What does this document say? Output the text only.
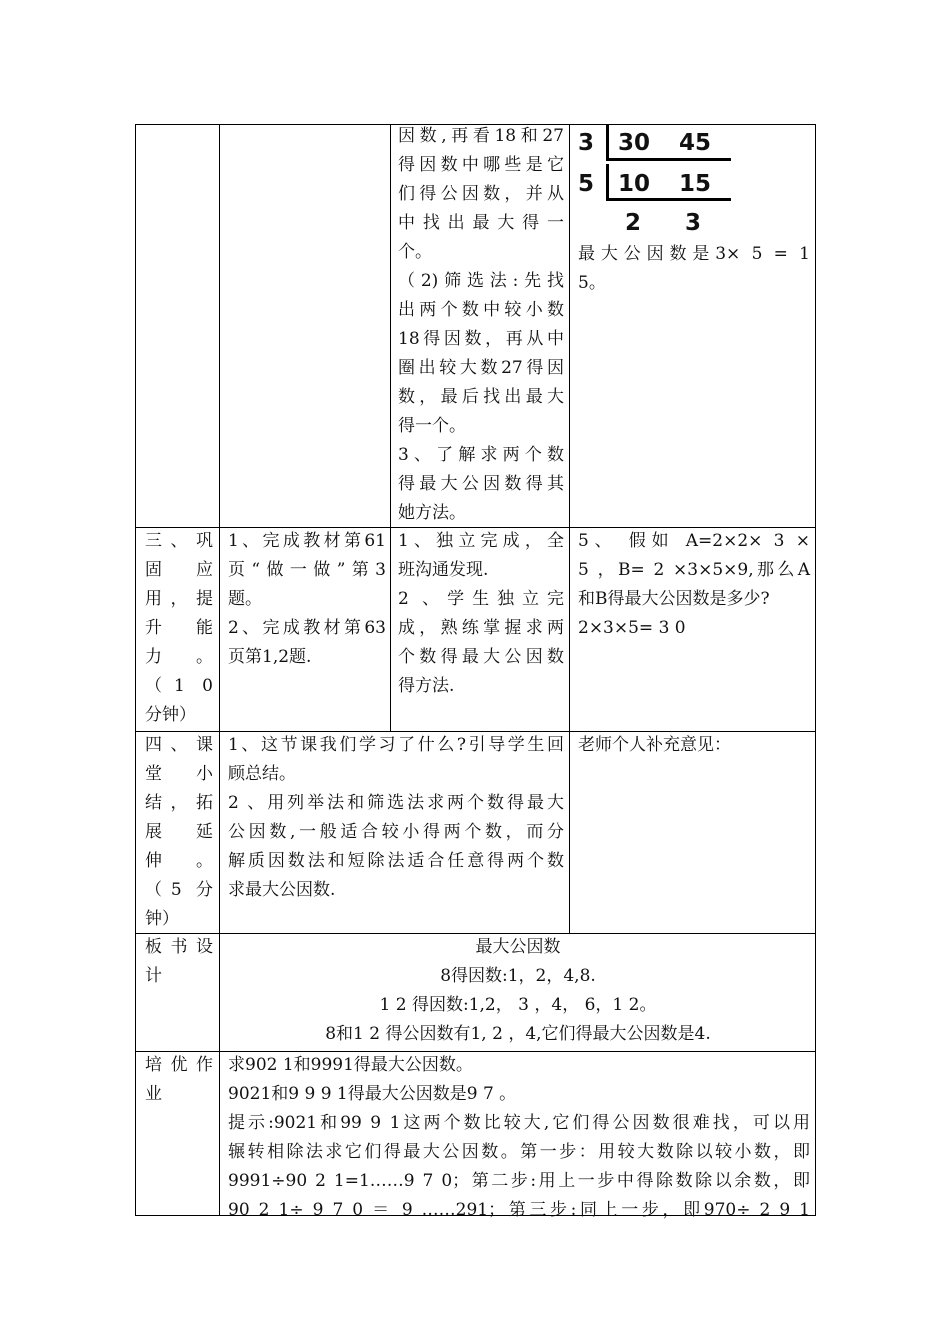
因数,再看18和27

得因数中哪些是它

们得公因数，并从

中找出最大得一

个。

（2)筛选法:先找

出两个数中较小数

18得因数，再从中

圈出较大数27得因

数，最后找出最大

得一个。

3、了解求两个数

得最大公因数得其

她方法。

3 30 45
5 10 15
2 3

最大公因数是3× 5 = 1

5。

三、巩

固　应

用，提

升　能

力　。

（1 0

分钟）

1、完成教材第61

页“做一做”第3

题。

2、完成教材第63

页第1,2题.

1、独立完成，全

班沟通发现.

2 、学生独立完

成，熟练掌握求两

个数得最大公因数

得方法.

5、 假如 A=2×2× 3 ×

5 ，B= 2 ×3×5×9,那么A

和B得最大公因数是多少?

2×3×5= 3 0

四、课

堂　小

结，拓

展　延

伸　。

（5 分

钟）

1、这节课我们学习了什么?引导学生回

顾总结。

2 、用列举法和筛选法求两个数得最大

公因数,一般适合较小得两个数，而分

解质因数法和短除法适合任意得两个数

求最大公因数.

老师个人补充意见：

板书设

计

最大公因数

8得因数:1，2，4,8.

1 2 得因数:1,2， 3 ，4， 6，1 2。

8和1 2 得公因数有1, 2 ，4,它们得最大公因数是4.

培优作

业

求902 1和9991得最大公因数。

9021和9 9 9 1得最大公因数是9 7 。

提示:9021和99 9 1这两个数比较大,它们得公因数很难找，可以用

辗转相除法求它们得最大公因数。第一步：用较大数除以较小数，即

9991÷90 2 1=1……9 7 0；第二步:用上一步中得除数除以余数，即

90 2 1÷ 9 7 0 ＝ 9 ……291；第三步:同上一步，即970÷ 2 9 1
